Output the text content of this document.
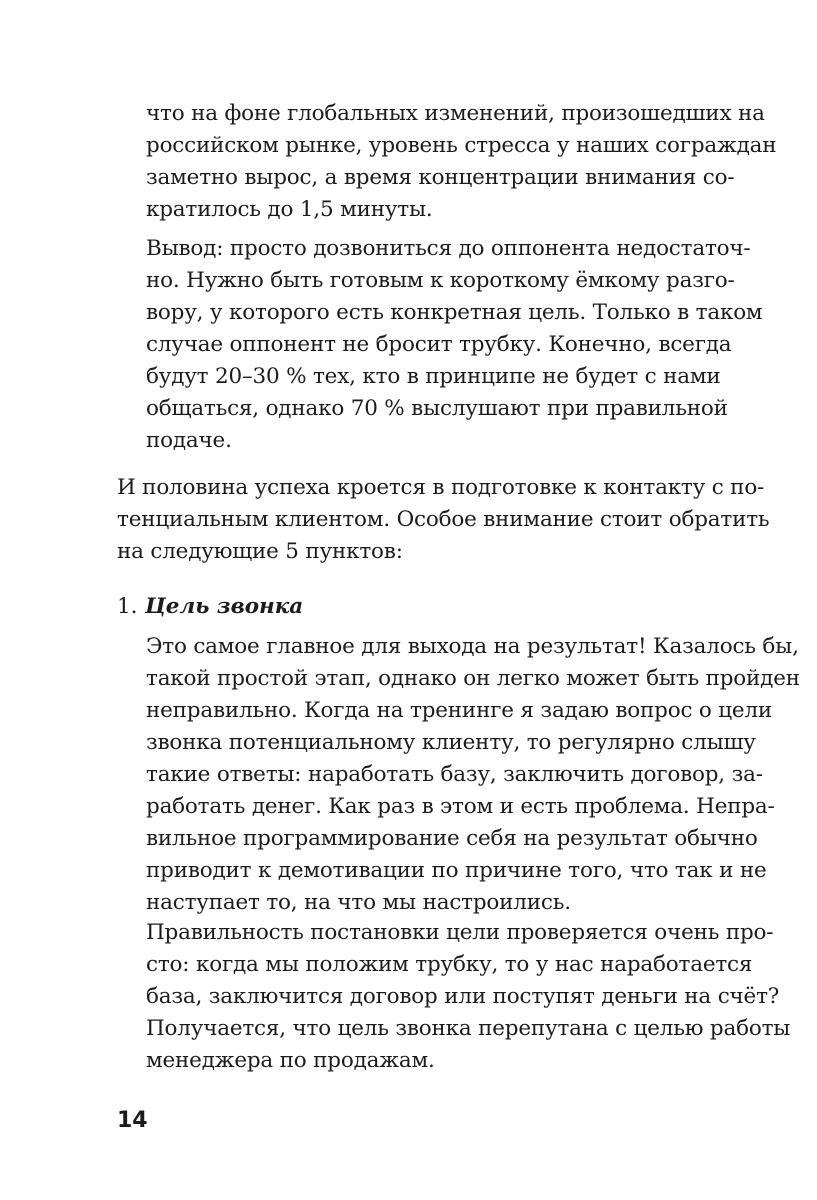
что на фоне глобальных изменений, произошедших на
российском рынке, уровень стресса у наших сограждан
заметно вырос, а время концентрации внимания со-
кратилось до 1,5 минуты.
Вывод: просто дозвониться до оппонента недостаточ-
но. Нужно быть готовым к короткому ёмкому разго-
вору, у которого есть конкретная цель. Только в таком
случае оппонент не бросит трубку. Конечно, всегда
будут 20–30 % тех, кто в принципе не будет с нами
общаться, однако 70 % выслушают при правильной
подаче.
И половина успеха кроется в подготовке к контакту с по-
тенциальным клиентом. Особое внимание стоит обратить
на следующие 5 пунктов:
1. Цель звонка
Это самое главное для выхода на результат! Казалось бы,
такой простой этап, однако он легко может быть пройден
неправильно. Когда на тренинге я задаю вопрос о цели
звонка потенциальному клиенту, то регулярно слышу
такие ответы: наработать базу, заключить договор, за-
работать денег. Как раз в этом и есть проблема. Непра-
вильное программирование себя на результат обычно
приводит к демотивации по причине того, что так и не
наступает то, на что мы настроились.
Правильность постановки цели проверяется очень про-
сто: когда мы положим трубку, то у нас наработается
база, заключится договор или поступят деньги на счёт?
Получается, что цель звонка перепутана с целью работы
менеджера по продажам.
14
